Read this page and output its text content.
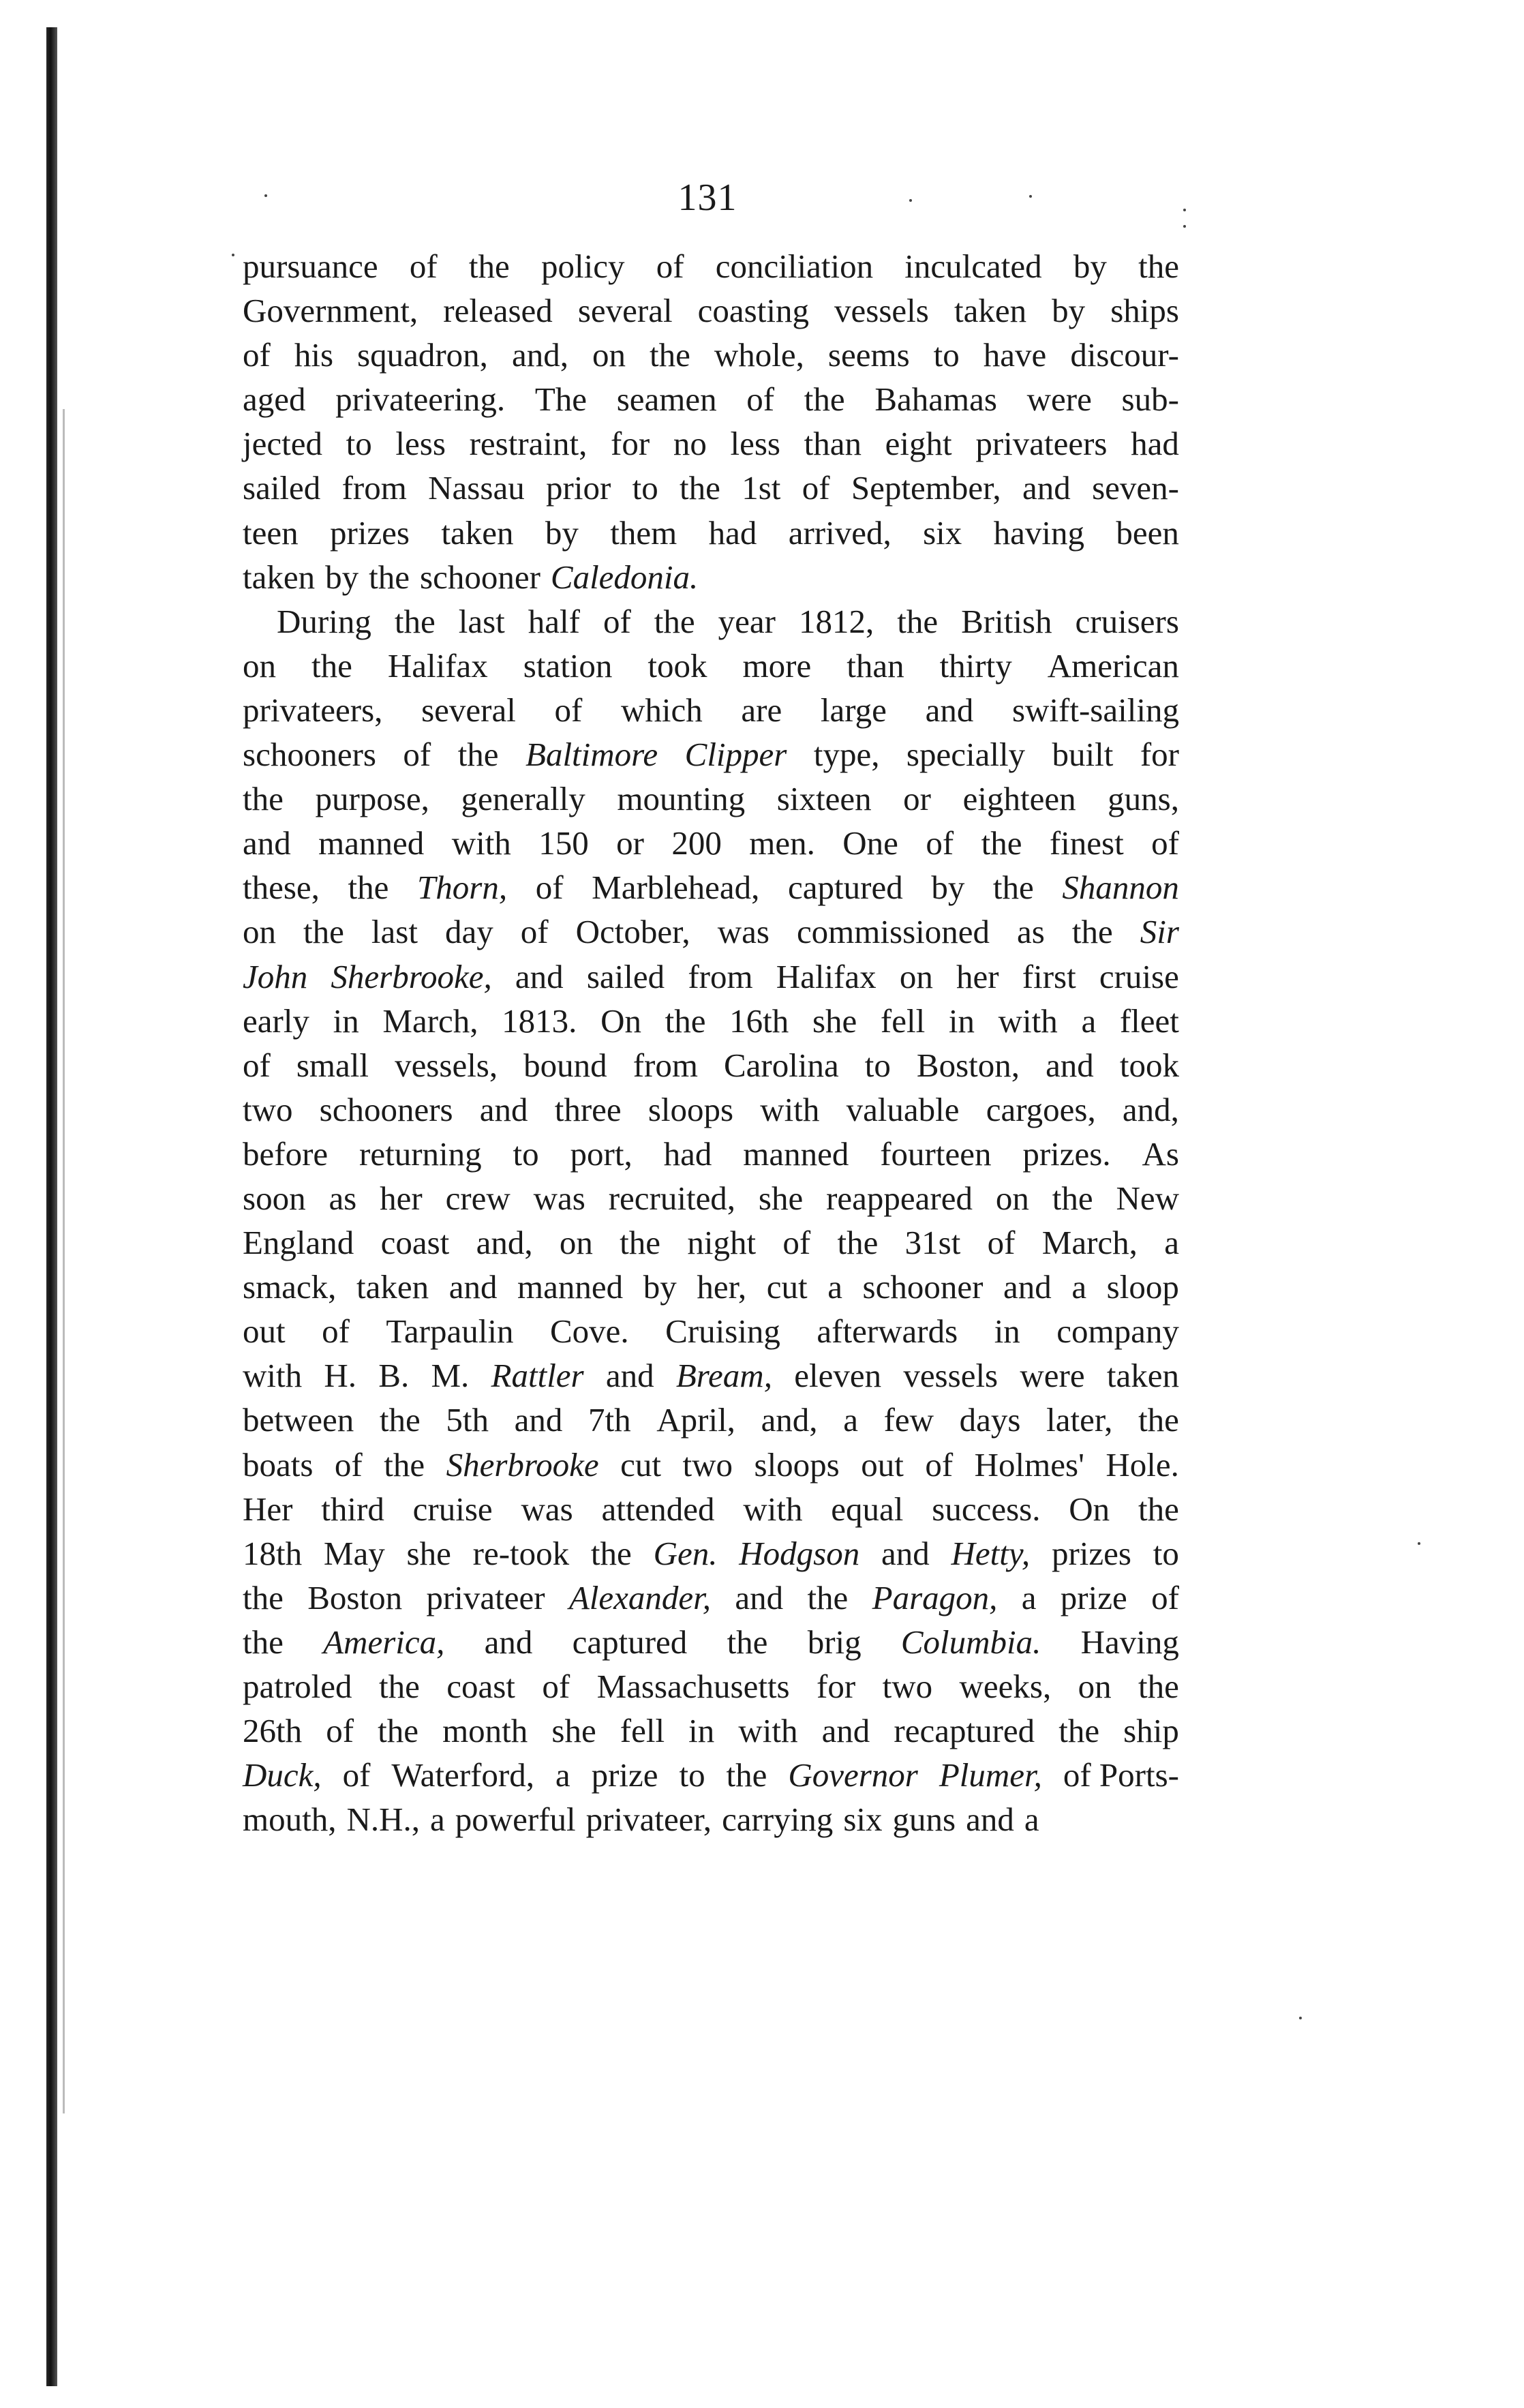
131
pursuance of the policy of conciliation inculcated by the
Government, released several coasting vessels taken by ships
of his squadron, and, on the whole, seems to have discour-
aged privateering. The seamen of the Bahamas were sub-
jected to less restraint, for no less than eight privateers had
sailed from Nassau prior to the 1st of September, and seven-
teen prizes taken by them had arrived, six having been
taken by the schooner Caledonia.
During the last half of the year 1812, the British cruisers
on the Halifax station took more than thirty American
privateers, several of which are large and swift-sailing
schooners of the Baltimore Clipper type, specially built for
the purpose, generally mounting sixteen or eighteen guns,
and manned with 150 or 200 men. One of the finest of
these, the Thorn, of Marblehead, captured by the Shannon
on the last day of October, was commissioned as the Sir
John Sherbrooke, and sailed from Halifax on her first cruise
early in March, 1813. On the 16th she fell in with a fleet
of small vessels, bound from Carolina to Boston, and took
two schooners and three sloops with valuable cargoes, and,
before returning to port, had manned fourteen prizes. As
soon as her crew was recruited, she reappeared on the New
England coast and, on the night of the 31st of March, a
smack, taken and manned by her, cut a schooner and a sloop
out of Tarpaulin Cove. Cruising afterwards in company
with H. B. M. Rattler and Bream, eleven vessels were taken
between the 5th and 7th April, and, a few days later, the
boats of the Sherbrooke cut two sloops out of Holmes' Hole.
Her third cruise was attended with equal success. On the
18th May she re-took the Gen. Hodgson and Hetty, prizes to
the Boston privateer Alexander, and the Paragon, a prize of
the America, and captured the brig Columbia. Having
patroled the coast of Massachusetts for two weeks, on the
26th of the month she fell in with and recaptured the ship
Duck, of Waterford, a prize to the Governor Plumer, of Ports-
mouth, N.H., a powerful privateer, carrying six guns and a
